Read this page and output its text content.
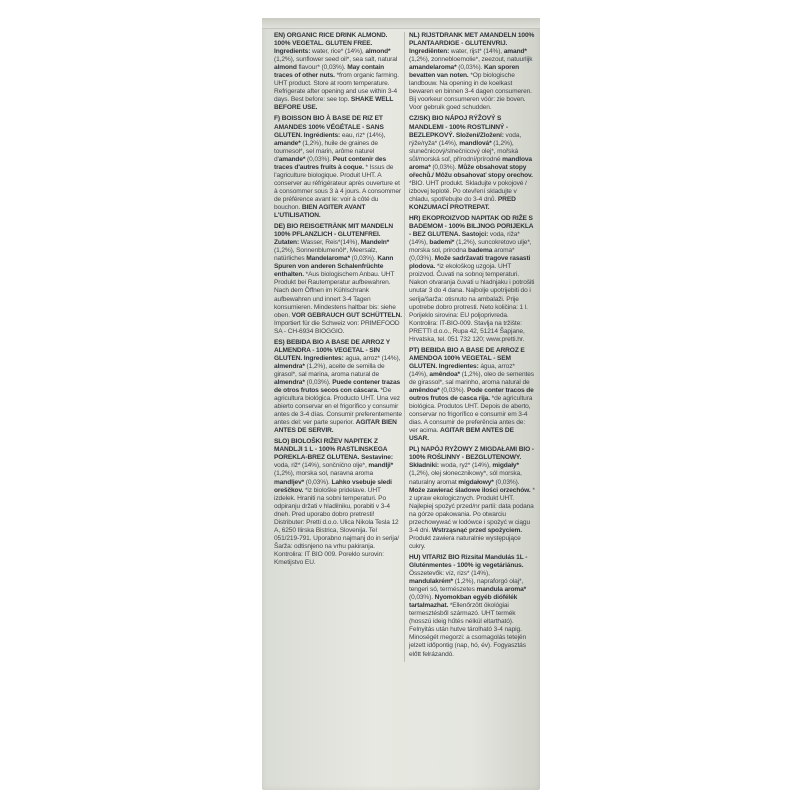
EN) ORGANIC RICE DRINK ALMOND. 100% VEGETAL. GLUTEN FREE. Ingredients: water, rice* (14%), almond* (1,2%), sunflower seed oil*, sea salt, natural almond flavour* (0,03%). May contain traces of other nuts. *from organic farming. UHT product. Store at room temperature. Refrigerate after opening and use within 3-4 days. Best before: see top. SHAKE WELL BEFORE USE.
F) BOISSON BIO À BASE DE RIZ ET AMANDES 100% VÉGÉTALE - SANS GLUTEN. Ingrédients: eau, riz* (14%), amande* (1,2%), huile de graines de tournesol*, sel marin, arôme naturel d'amande* (0,03%). Peut contenir des traces d'autres fruits à coque. * Issus de l'agriculture biologique. Produit UHT. A conserver au réfrigérateur après ouverture et à consommer sous 3 à 4 jours. A consommer de préférence avant le: voir à côté du bouchon. BIEN AGITER AVANT L'UTILISATION.
DE) BIO REISGETRÄNK MIT MANDELN 100% PFLANZLICH - GLUTENFREI. Zutaten: Wasser, Reis*(14%), Mandeln* (1,2%), Sonnenblumenöl*, Meersalz, natürliches Mandelaroma* (0,03%). Kann Spuren von anderen Schalenfrüchte enthalten. *Aus biologischem Anbau. UHT Produkt bei Rautemperatur aufbewahren. Nach dem Öffnen im Kühlschrank aufbewahren und innert 3-4 Tagen konsumieren. Mindestens haltbar bis: siehe oben. VOR GEBRAUCH GUT SCHÜTTELN. Importiert für die Schweiz von: PRIMEFOOD SA - CH-6934 BIOGGIO.
ES) BEBIDA BIO A BASE DE ARROZ Y ALMENDRA - 100% VEGETAL - SIN GLUTEN. Ingredientes: agua, arroz* (14%), almendra* (1,2%), aceite de semilla de girasol*, sal marina, aroma natural de almendra* (0,03%). Puede contener trazas de otros frutos secos con cáscara. *De agricultura biológica. Producto UHT. Una vez abierto conservar en el frigorífico y consumir antes de 3-4 días. Consumir preferentemente antes del: ver parte superior. AGITAR BIEN ANTES DE SERVIR.
SLO) BIOLOŠKI RIŽEV NAPITEK Z MANDLJI 1 L - 100% RASTLINSKEGA POREKLA-BREZ GLUTENA. Sestavine: voda, riž* (14%), sončnično olje*, mandlji* (1,2%), morska sol, naravna aroma mandljev* (0,03%). Lahko vsebuje sledi oreščkov. *iz biološke pridelave. UHT izdelek. Hraniti na sobni temperaturi. Po odpiranju držati v hladilniku, porabiti v 3-4 dneh. Pred uporabo dobro pretresti! Distributer: Pretti d.o.o. Ulica Nikola Tesla 12 A, 6250 Ilirska Bistrica, Slovenija. Tel 051/219-791. Uporabno najmanj do in serija/Šarža: odtisnjeno na vrhu pakiranja. Kontrolira: IT BIO 009. Poreklo surovin: Kmetijstvo EU.
NL) RIJSTDRANK MET AMANDELN 100% PLANTAARDIGE - GLUTENVRIJ. Ingrediënten: water, rijst* (14%), amand* (1,2%), zonnebloemolie*, zeezout, natuurlijk amandelaroma* (0,03%). Kan sporen bevatten van noten. *Op biologische landbouw. Na opening in de koelkast bewaren en binnen 3-4 dagen consumeren. Bij voorkeur consumeren vóór: zie boven. Voor gebruik goed schudden.
CZ/SK) BIO NÁPOJ RÝŽOVÝ S MANDLEMI - 100% ROSTLINNÝ - BEZLEPKOVÝ. Složení/Zložení: voda, rýže/ryža* (14%), mandlová* (1,2%), slunečnicový/slnečnicový olej*, mořská sůl/morská soľ, přírodní/prírodné mandlova aroma* (0,03%). Může obsahovat stopy ořechů./ Môžu obsahovať stopy orechov. *BIO. UHT produkt. Skladujte v pokojové / izbovej teplotě. Po otevření skladujte v chladu, spotřebujte do 3-4 dnů. PRED KONZUMACÍ PROTREPAT.
HR) EKOPROIZVOD NAPITAK OD RIŽE S BADEMOM - 100% BILJNOG PORIJEKLA - BEZ GLUTENA. Sastojci: voda, riža* (14%), bademi* (1,2%), suncokretovo ulje*, morska sol, prirodna badema aroma* (0,03%). Može sadržavati tragove rasasti plodova. *iz ekološkog uzgoja. UHT proizvod. Čuvati na sobnoj temperaturi. Nakon otvaranja čuvati u hladnjaku i potrošiti unutar 3 do 4 dana. Najbolje upotrijebiti do i serija/šarža: otisnuto na ambalaži. Prije upotrebe dobro protresti. Neto količina: 1 l. Porijeklo sirovina: EU poljoprivreda. Kontrolira: IT-BIO-009. Stavlja na tržište: PRETTI d.o.o., Rupa 42, 51214 Šapjane, Hrvatska, tel. 051 732 120; www.pretti.hr.
PT) BEBIDA BIO A BASE DE ARROZ E AMENDOA 100% VEGETAL - SEM GLUTEN. Ingredientes: água, arroz* (14%), amêndoa* (1,2%), oleo de sementes de girassol*, sal marinho, aroma natural de amêndoa* (0,03%). Pode conter tracos de outros frutos de casca rija. *de agricultura biológica. Produtos UHT. Depois de aberto, conservar no frigorífico e consumir em 3-4 dias. A consumir de preferência antes de: ver acima. AGITAR BEM ANTES DE USAR.
PL) NAPÓJ RYŻOWY Z MIGDAŁAMI BIO - 100% ROŚLINNY - BEZGLUTENOWY. Składniki: woda, ryż* (14%), migdały* (1,2%), olej słonecznikowy*, sól morska, naturalny aromat migdałowy* (0,03%). Może zawierać śladowe ilości orzechów. * z upraw ekologicznych. Produkt UHT. Najlepiej spożyć przed/nr partii: data podana na górze opakowania. Po otwarciu przechowywać w lodówce i spożyć w ciągu 3-4 dni. Wstrząsnąć przed spożyciem. Produkt zawiera naturalnie występujące cukry.
HU) VITARIZ BIO Rizsital Mandulás 1L - Gluténmentes - 100% ig vegetáriánus. Összetevők: víz, rizs* (14%), mandulakrém* (1,2%), napraforgó olaj*, tengeri só, természetes mandula aroma* (0,03%). Nyomokban egyéb diófélék tartalmazhat. *Ellenőrzött ökológiai termesztésből származó. UHT termék (hosszú ideig hűtés nélkül eltartható). Felnyitás után hutve tárolható 3-4 napig. Minoségét megorzi: a csomagolás tetején jelzett időpontig (nap, hó, év). Fogyasztás előtt felrázandó.
